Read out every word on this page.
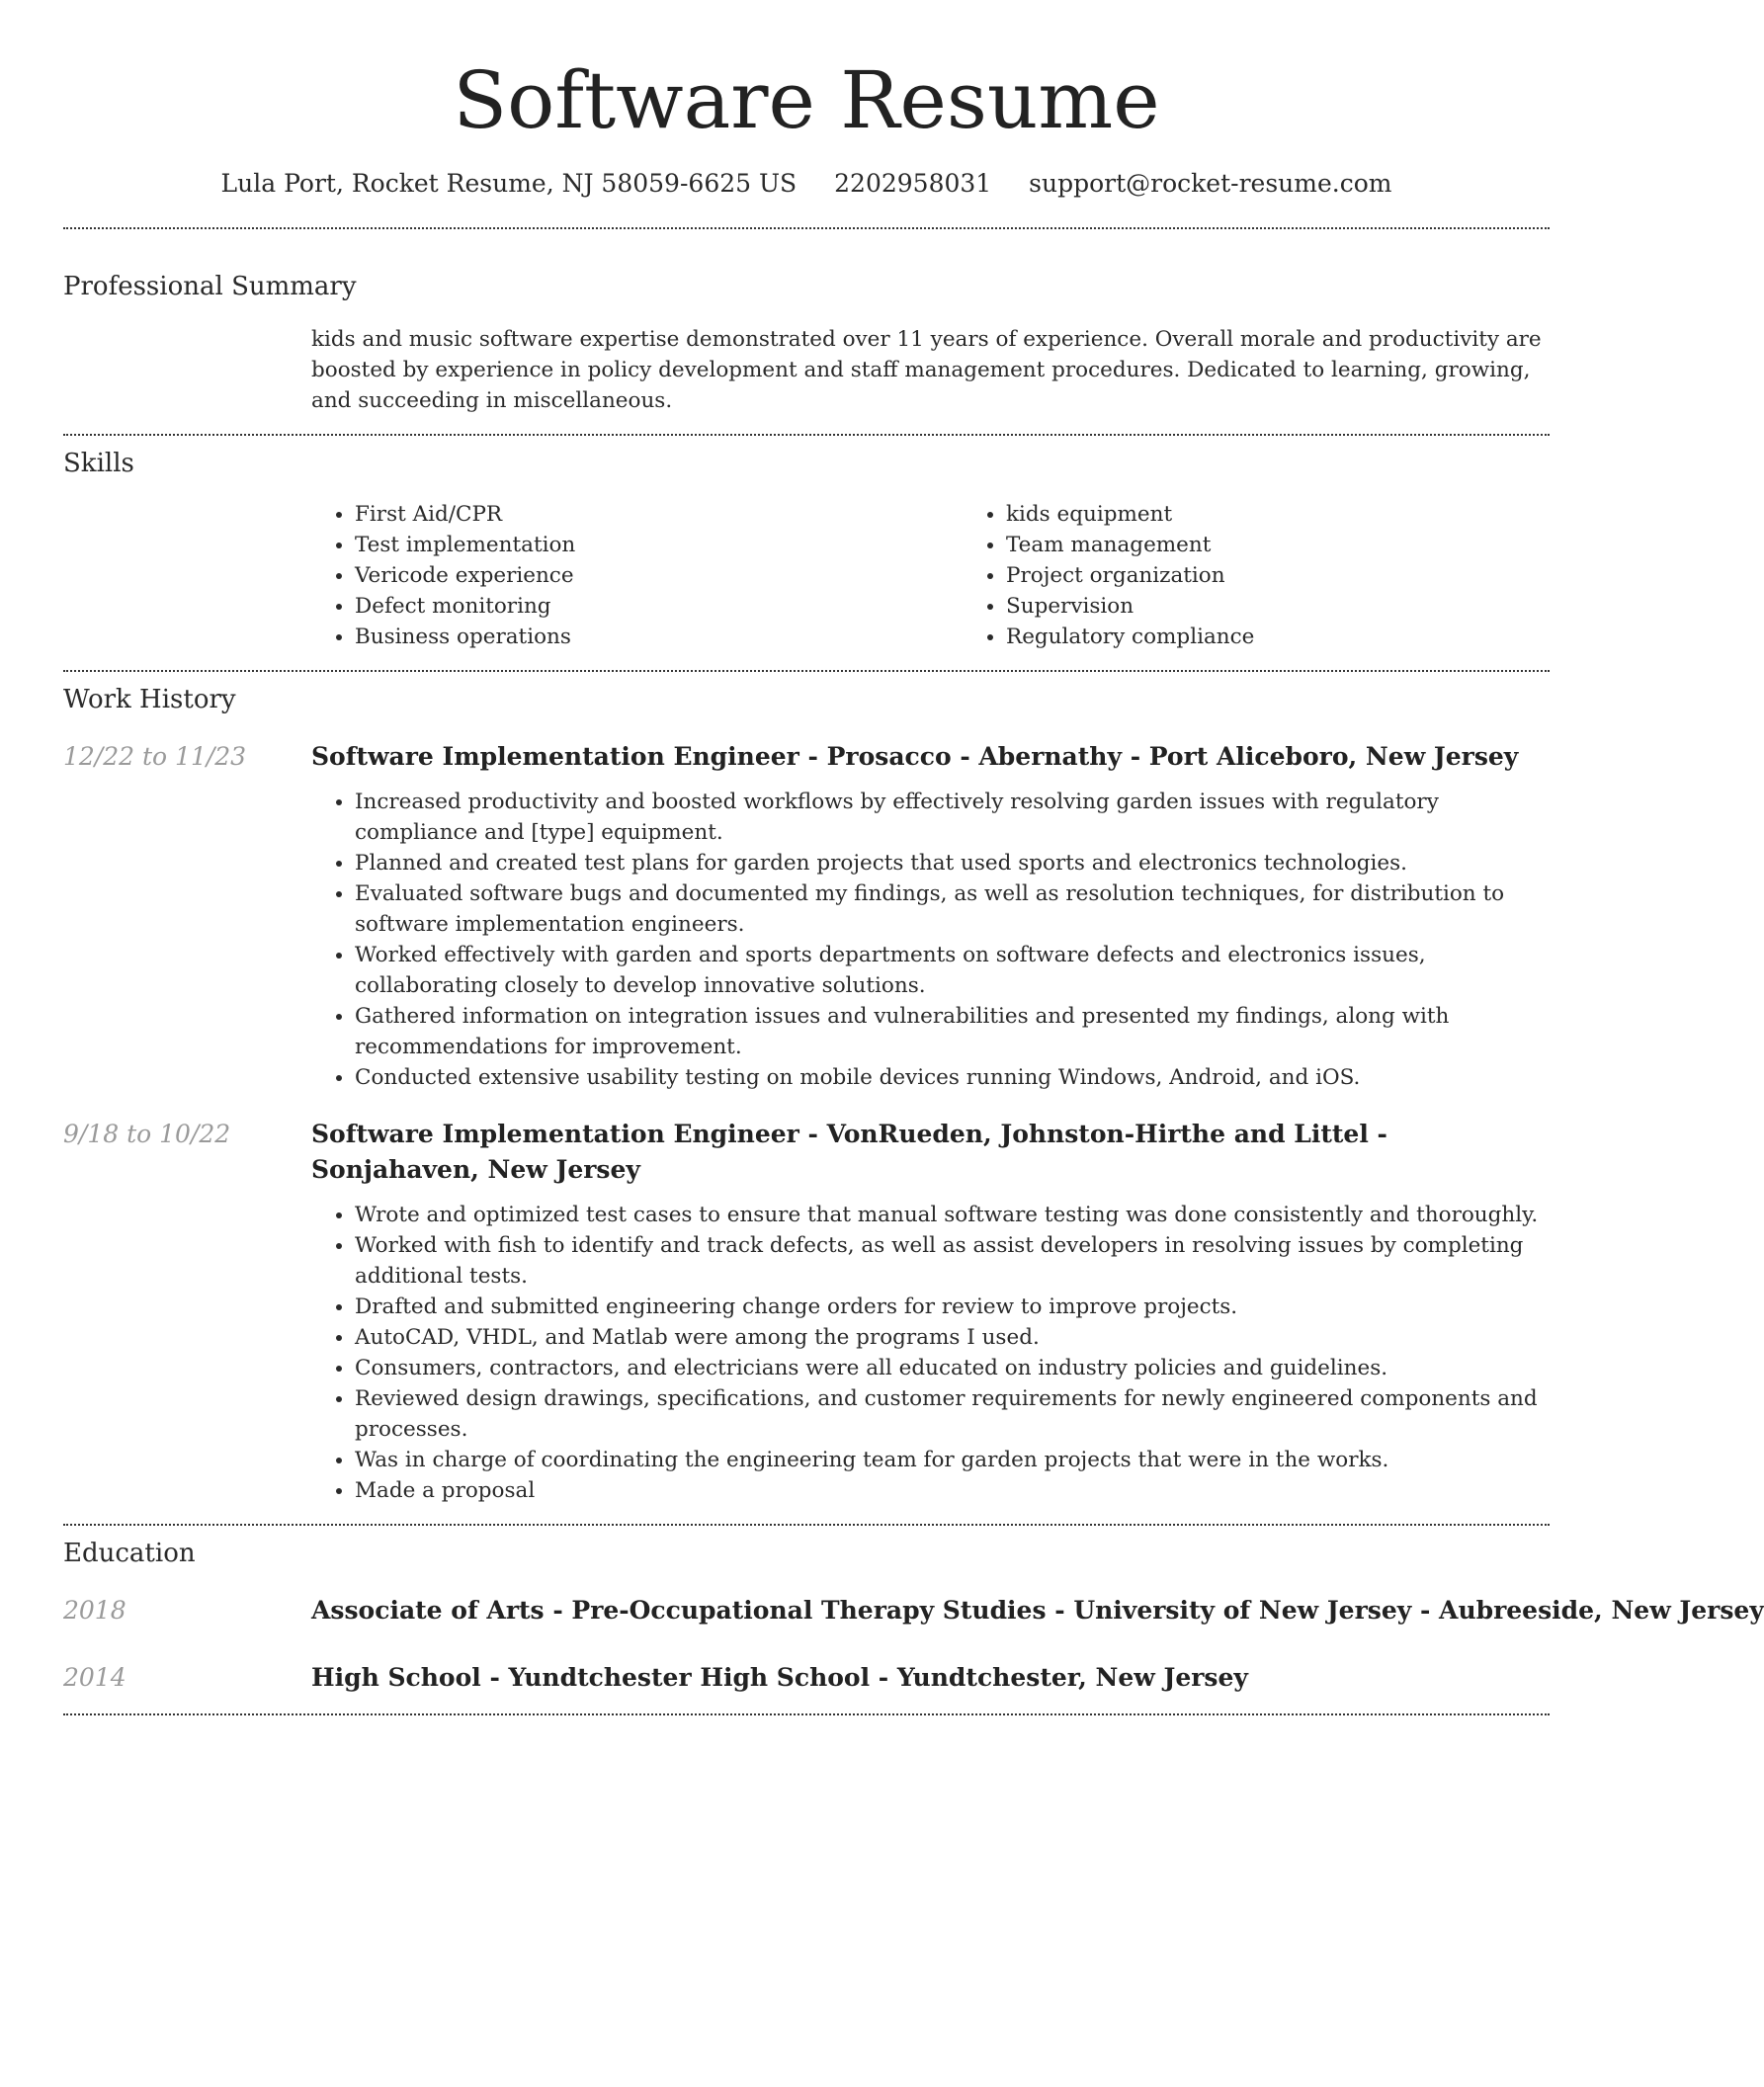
Software Resume
Lula Port, Rocket Resume, NJ 58059-6625 US 2202958031 support@rocket-resume.com
Professional Summary

kids and music software expertise demonstrated over 11 years of experience. Overall morale and productivity are boosted by experience in policy development and staff management procedures. Dedicated to learning, growing, and succeeding in miscellaneous.

Skills
• First Aid/CPR
• Test implementation
• Vericode experience
• Defect monitoring
• Business operations
• kids equipment
• Team management
• Project organization
• Supervision
• Regulatory compliance
Work History
12/22 to 11/23	Software Implementation Engineer - Prosacco - Abernathy - Port Aliceboro, New Jersey
• Increased productivity and boosted workflows by effectively resolving garden issues with regulatory compliance and [type] equipment.
• Planned and created test plans for garden projects that used sports and electronics technologies.
• Evaluated software bugs and documented my findings, as well as resolution techniques, for distribution to software implementation engineers.
• Worked effectively with garden and sports departments on software defects and electronics issues, collaborating closely to develop innovative solutions.
• Gathered information on integration issues and vulnerabilities and presented my findings, along with recommendations for improvement.
• Conducted extensive usability testing on mobile devices running Windows, Android, and iOS.
9/18 to 10/22	Software Implementation Engineer - VonRueden, Johnston-Hirthe and Littel - Sonjahaven, New Jersey
• Wrote and optimized test cases to ensure that manual software testing was done consistently and thoroughly.
• Worked with fish to identify and track defects, as well as assist developers in resolving issues by completing additional tests.
• Drafted and submitted engineering change orders for review to improve projects.
• AutoCAD, VHDL, and Matlab were among the programs I used.
• Consumers, contractors, and electricians were all educated on industry policies and guidelines.
• Reviewed design drawings, specifications, and customer requirements for newly engineered components and processes.
• Was in charge of coordinating the engineering team for garden projects that were in the works.
• Made a proposal
Education
2018	Associate of Arts - Pre-Occupational Therapy Studies - University of New Jersey - Aubreeside, New Jersey
2014	High School - Yundtchester High School - Yundtchester, New Jersey
